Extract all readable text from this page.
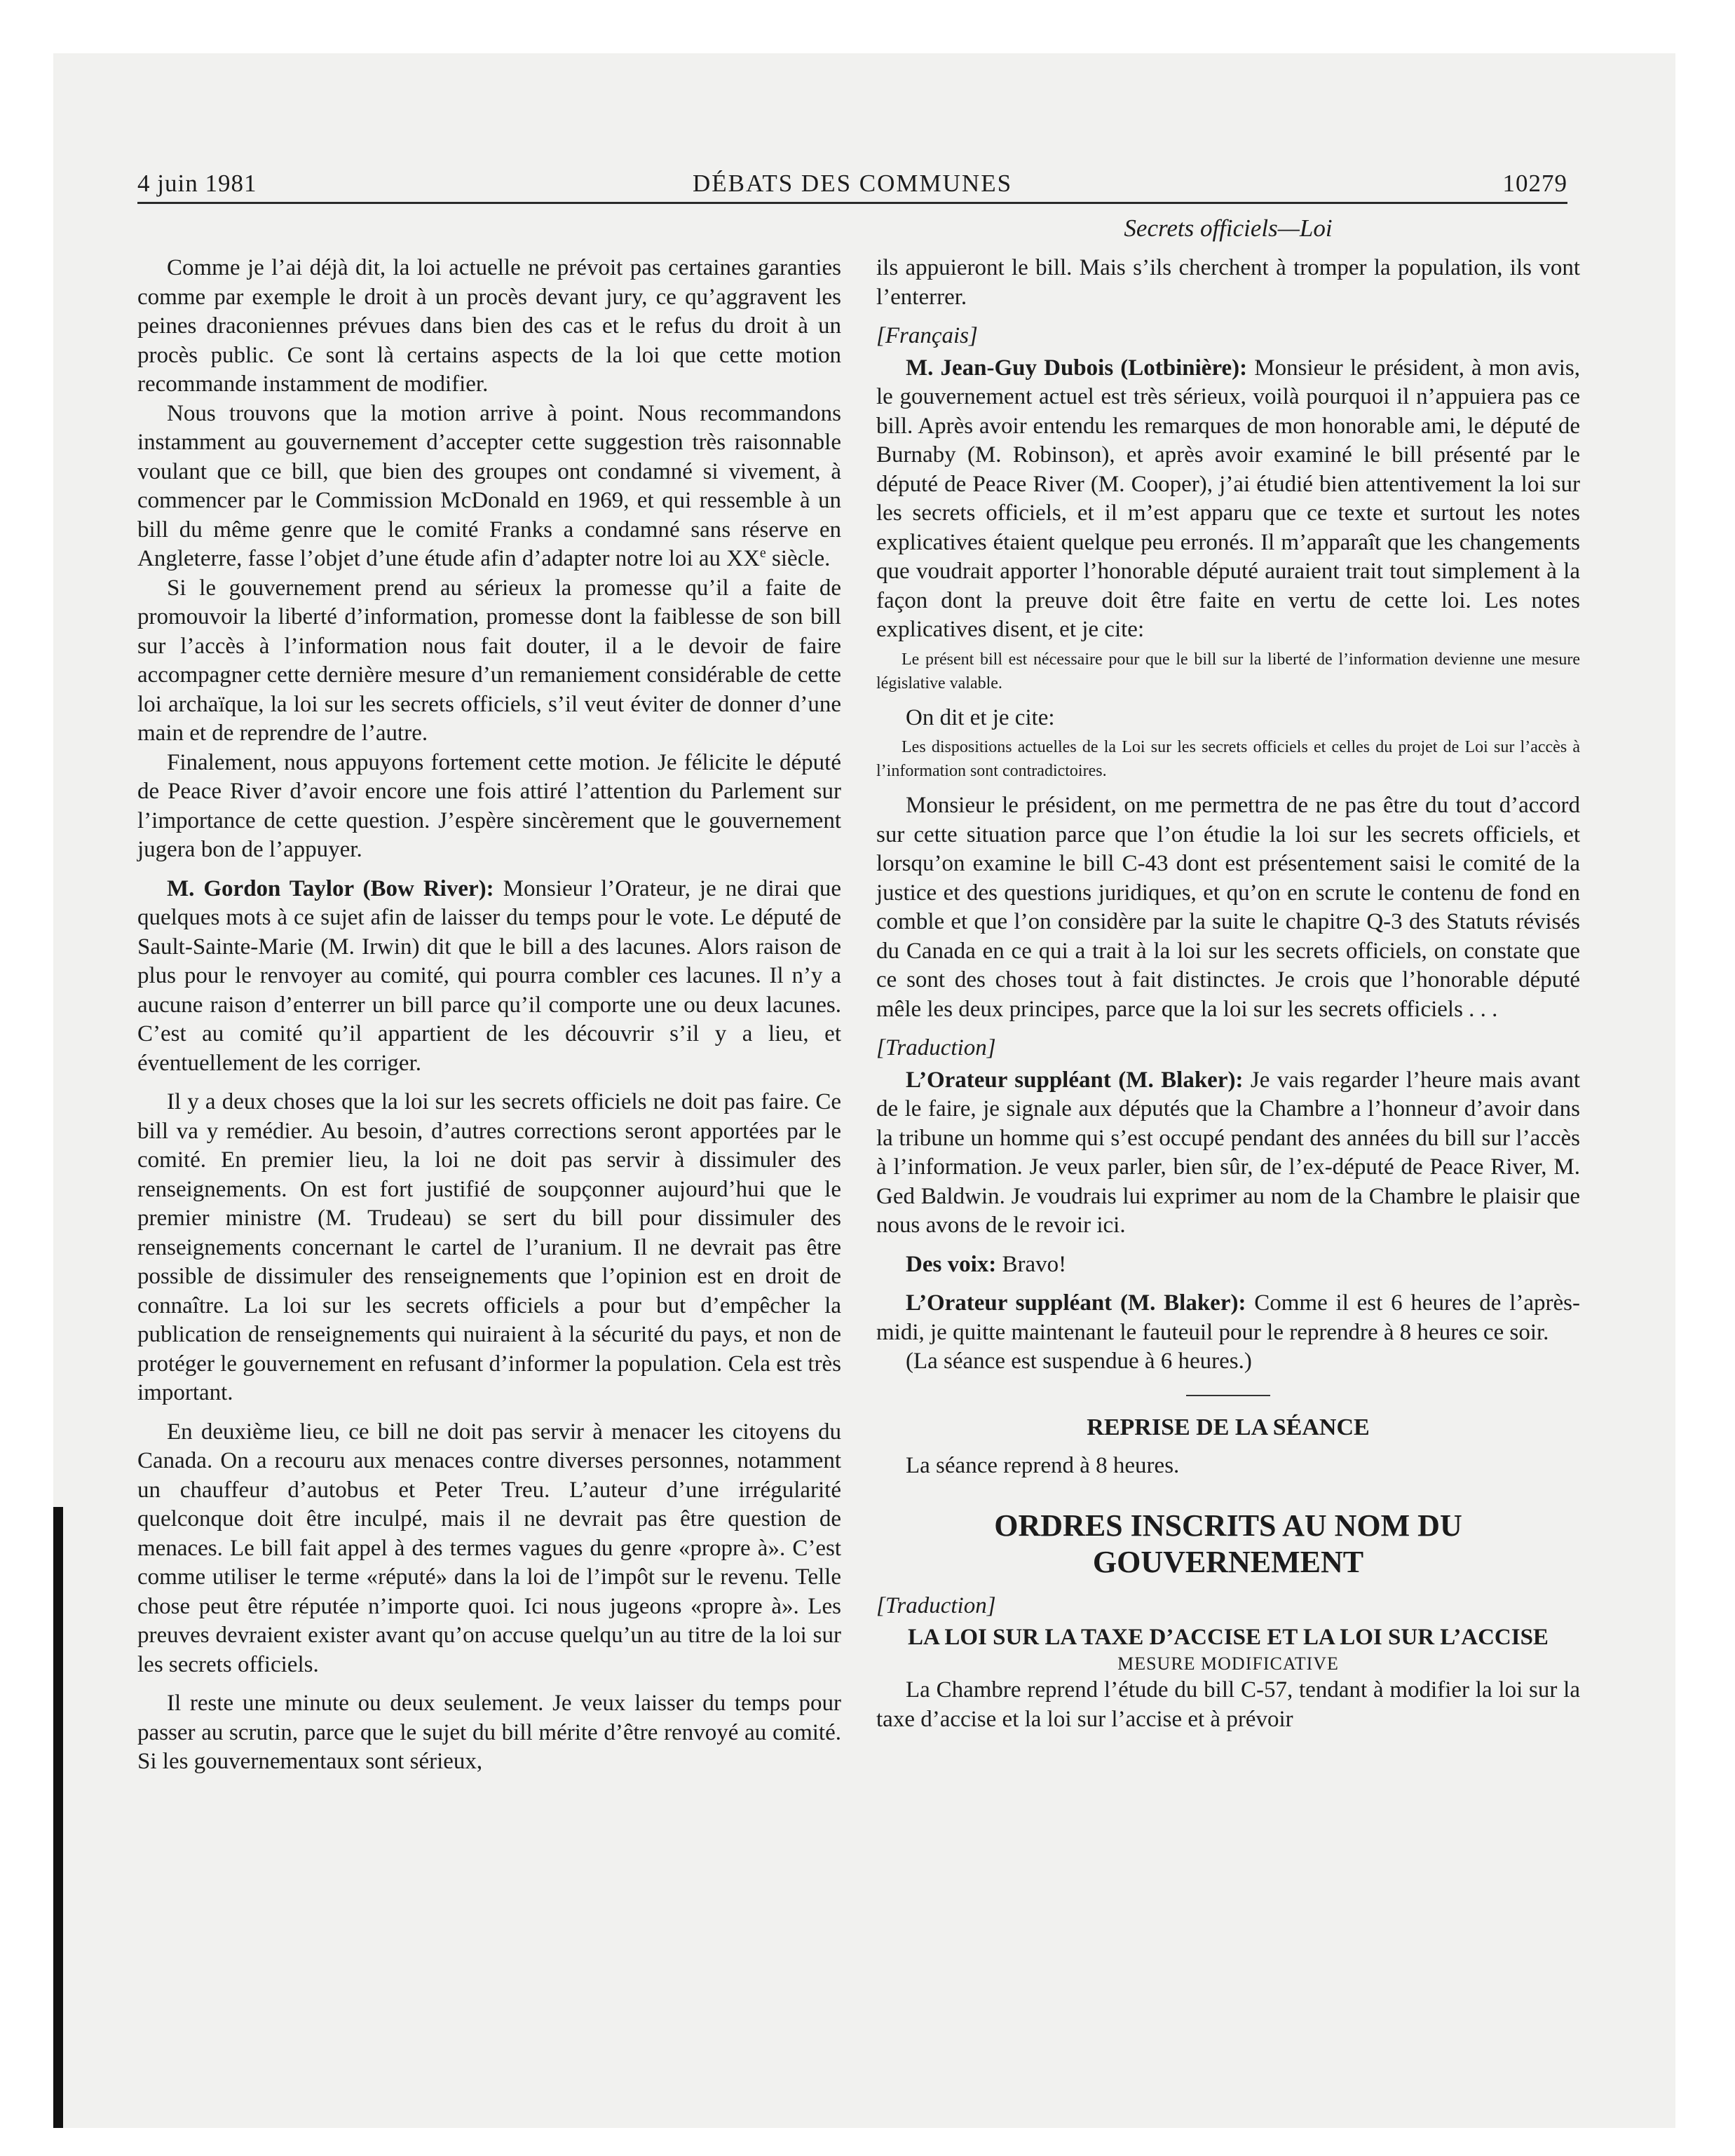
4 juin 1981	DÉBATS DES COMMUNES	10279
Secrets officiels—Loi

Comme je l’ai déjà dit, la loi actuelle ne prévoit pas certaines garanties comme par exemple le droit à un procès devant jury, ce qu’aggravent les peines draconiennes prévues dans bien des cas et le refus du droit à un procès public. Ce sont là certains aspects de la loi que cette motion recommande instamment de modifier.

Nous trouvons que la motion arrive à point. Nous recommandons instamment au gouvernement d’accepter cette suggestion très raisonnable voulant que ce bill, que bien des groupes ont condamné si vivement, à commencer par le Commission McDonald en 1969, et qui ressemble à un bill du même genre que le comité Franks a condamné sans réserve en Angleterre, fasse l’objet d’une étude afin d’adapter notre loi au XXe siècle.

Si le gouvernement prend au sérieux la promesse qu’il a faite de promouvoir la liberté d’information, promesse dont la faiblesse de son bill sur l’accès à l’information nous fait douter, il a le devoir de faire accompagner cette dernière mesure d’un remaniement considérable de cette loi archaïque, la loi sur les secrets officiels, s’il veut éviter de donner d’une main et de reprendre de l’autre.

Finalement, nous appuyons fortement cette motion. Je félicite le député de Peace River d’avoir encore une fois attiré l’attention du Parlement sur l’importance de cette question. J’espère sincèrement que le gouvernement jugera bon de l’appuyer.

M. Gordon Taylor (Bow River): Monsieur l’Orateur, je ne dirai que quelques mots à ce sujet afin de laisser du temps pour le vote. Le député de Sault-Sainte-Marie (M. Irwin) dit que le bill a des lacunes. Alors raison de plus pour le renvoyer au comité, qui pourra combler ces lacunes. Il n’y a aucune raison d’enterrer un bill parce qu’il comporte une ou deux lacunes. C’est au comité qu’il appartient de les découvrir s’il y a lieu, et éventuellement de les corriger.

Il y a deux choses que la loi sur les secrets officiels ne doit pas faire. Ce bill va y remédier. Au besoin, d’autres corrections seront apportées par le comité. En premier lieu, la loi ne doit pas servir à dissimuler des renseignements. On est fort justifié de soupçonner aujourd’hui que le premier ministre (M. Trudeau) se sert du bill pour dissimuler des renseignements concernant le cartel de l’uranium. Il ne devrait pas être possible de dissimuler des renseignements que l’opinion est en droit de connaître. La loi sur les secrets officiels a pour but d’empêcher la publication de renseignements qui nuiraient à la sécurité du pays, et non de protéger le gouvernement en refusant d’informer la population. Cela est très important.

En deuxième lieu, ce bill ne doit pas servir à menacer les citoyens du Canada. On a recouru aux menaces contre diverses personnes, notamment un chauffeur d’autobus et Peter Treu. L’auteur d’une irrégularité quelconque doit être inculpé, mais il ne devrait pas être question de menaces. Le bill fait appel à des termes vagues du genre «propre à». C’est comme utiliser le terme «réputé» dans la loi de l’impôt sur le revenu. Telle chose peut être réputée n’importe quoi. Ici nous jugeons «propre à». Les preuves devraient exister avant qu’on accuse quelqu’un au titre de la loi sur les secrets officiels.

Il reste une minute ou deux seulement. Je veux laisser du temps pour passer au scrutin, parce que le sujet du bill mérite d’être renvoyé au comité. Si les gouvernementaux sont sérieux,

ils appuieront le bill. Mais s’ils cherchent à tromper la population, ils vont l’enterrer.

[Français]

M. Jean-Guy Dubois (Lotbinière): Monsieur le président, à mon avis, le gouvernement actuel est très sérieux, voilà pourquoi il n’appuiera pas ce bill. Après avoir entendu les remarques de mon honorable ami, le député de Burnaby (M. Robinson), et après avoir examiné le bill présenté par le député de Peace River (M. Cooper), j’ai étudié bien attentivement la loi sur les secrets officiels, et il m’est apparu que ce texte et surtout les notes explicatives étaient quelque peu erronés. Il m’apparaît que les changements que voudrait apporter l’honorable député auraient trait tout simplement à la façon dont la preuve doit être faite en vertu de cette loi. Les notes explicatives disent, et je cite:

Le présent bill est nécessaire pour que le bill sur la liberté de l’information devienne une mesure législative valable.

On dit et je cite:

Les dispositions actuelles de la Loi sur les secrets officiels et celles du projet de Loi sur l’accès à l’information sont contradictoires.

Monsieur le président, on me permettra de ne pas être du tout d’accord sur cette situation parce que l’on étudie la loi sur les secrets officiels, et lorsqu’on examine le bill C-43 dont est présentement saisi le comité de la justice et des questions juridiques, et qu’on en scrute le contenu de fond en comble et que l’on considère par la suite le chapitre Q-3 des Statuts révisés du Canada en ce qui a trait à la loi sur les secrets officiels, on constate que ce sont des choses tout à fait distinctes. Je crois que l’honorable député mêle les deux principes, parce que la loi sur les secrets officiels . . .

[Traduction]

L’Orateur suppléant (M. Blaker): Je vais regarder l’heure mais avant de le faire, je signale aux députés que la Chambre a l’honneur d’avoir dans la tribune un homme qui s’est occupé pendant des années du bill sur l’accès à l’information. Je veux parler, bien sûr, de l’ex-député de Peace River, M. Ged Baldwin. Je voudrais lui exprimer au nom de la Chambre le plaisir que nous avons de le revoir ici.

Des voix: Bravo!

L’Orateur suppléant (M. Blaker): Comme il est 6 heures de l’après-midi, je quitte maintenant le fauteuil pour le reprendre à 8 heures ce soir.

(La séance est suspendue à 6 heures.)

REPRISE DE LA SÉANCE

La séance reprend à 8 heures.

ORDRES INSCRITS AU NOM DU GOUVERNEMENT

[Traduction]

LA LOI SUR LA TAXE D’ACCISE ET LA LOI SUR L’ACCISE

MESURE MODIFICATIVE

La Chambre reprend l’étude du bill C-57, tendant à modifier la loi sur la taxe d’accise et la loi sur l’accise et à prévoir
